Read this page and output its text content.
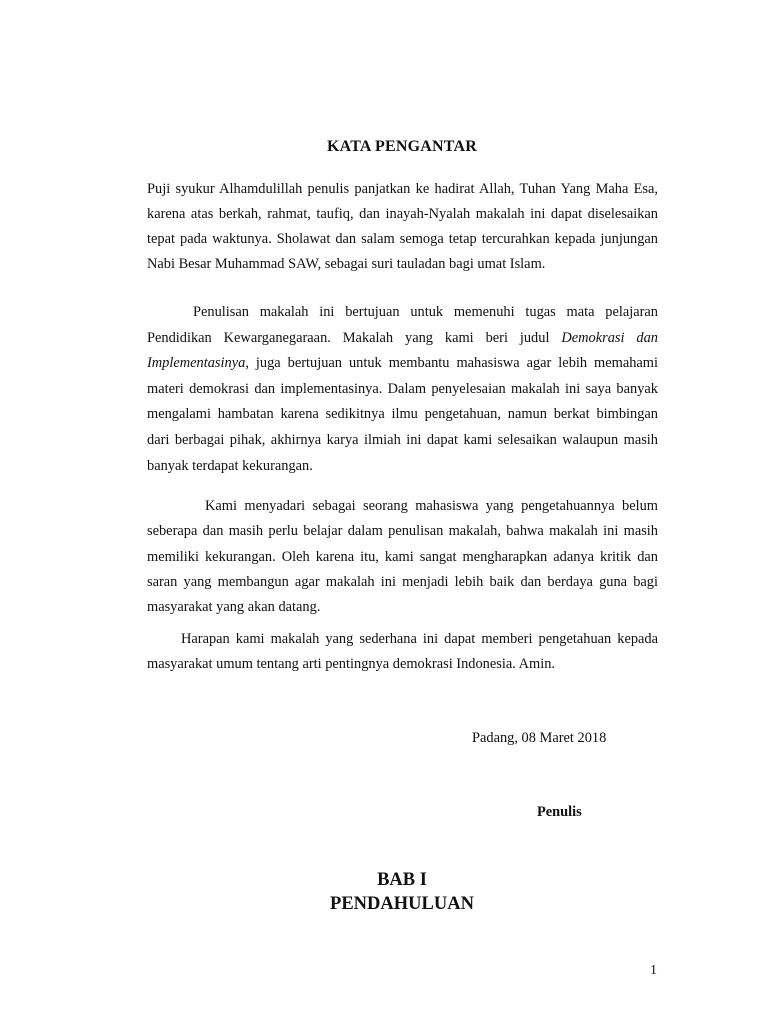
KATA PENGANTAR

Puji syukur Alhamdulillah penulis panjatkan ke hadirat Allah, Tuhan Yang Maha Esa, karena atas berkah, rahmat, taufiq, dan inayah-Nyalah makalah ini dapat diselesaikan tepat pada waktunya. Sholawat dan salam semoga tetap tercurahkan kepada junjungan Nabi Besar Muhammad SAW, sebagai suri tauladan bagi umat Islam.

Penulisan makalah ini bertujuan untuk memenuhi tugas mata pelajaran Pendidikan Kewarganegaraan. Makalah yang kami beri judul Demokrasi dan Implementasinya, juga bertujuan untuk membantu mahasiswa agar lebih memahami materi demokrasi dan implementasinya. Dalam penyelesaian makalah ini saya banyak mengalami hambatan karena sedikitnya ilmu pengetahuan, namun berkat bimbingan dari berbagai pihak, akhirnya karya ilmiah ini dapat kami selesaikan walaupun masih banyak terdapat kekurangan.

Kami menyadari sebagai seorang mahasiswa yang pengetahuannya belum seberapa dan masih perlu belajar dalam penulisan makalah, bahwa makalah ini masih memiliki kekurangan. Oleh karena itu, kami sangat mengharapkan adanya kritik dan saran yang membangun agar makalah ini menjadi lebih baik dan berdaya guna bagi masyarakat yang akan datang.

Harapan kami makalah yang sederhana ini dapat memberi pengetahuan kepada masyarakat umum tentang arti pentingnya demokrasi Indonesia. Amin.

Padang, 08 Maret 2018
Penulis
BAB I
PENDAHULUAN
1
